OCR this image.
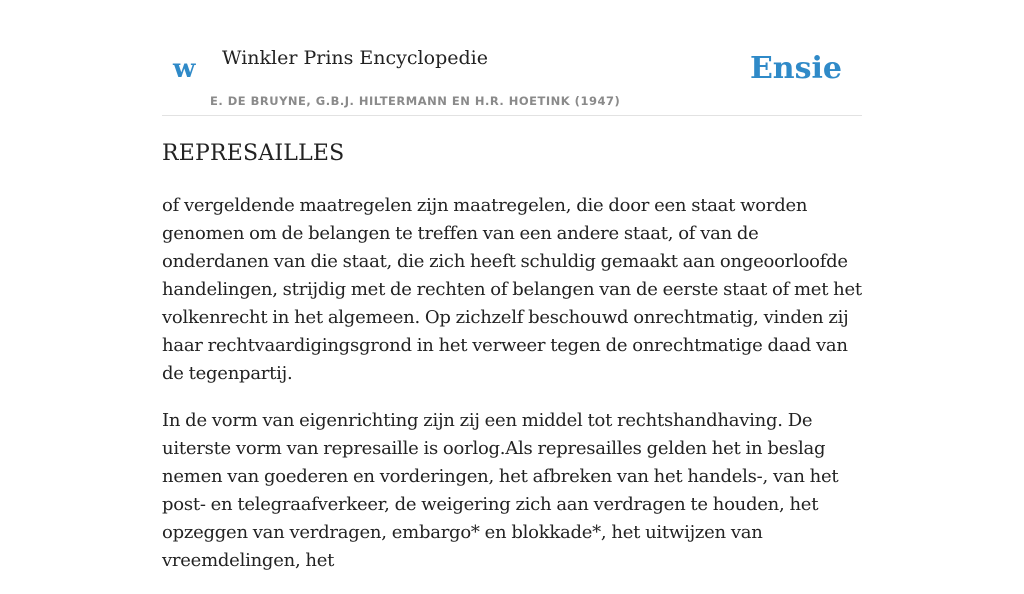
w Winkler Prins Encyclopedie
E. DE BRUYNE, G.B.J. HILTERMANN EN H.R. HOETINK (1947)
Ensie
REPRESAILLES

of vergeldende maatregelen zijn maatregelen, die door een staat worden genomen om de belangen te treffen van een andere staat, of van de onderdanen van die staat, die zich heeft schuldig gemaakt aan ongeoorloofde handelingen, strijdig met de rechten of belangen van de eerste staat of met het volkenrecht in het algemeen. Op zichzelf beschouwd onrechtmatig, vinden zij haar rechtvaardigingsgrond in het verweer tegen de onrechtmatige daad van de tegenpartij.

In de vorm van eigenrichting zijn zij een middel tot rechtshandhaving. De uiterste vorm van represaille is oorlog.Als represailles gelden het in beslag nemen van goederen en vorderingen, het afbreken van het handels-, van het post- en telegraafverkeer, de weigering zich aan verdragen te houden, het opzeggen van verdragen, embargo* en blokkade*, het uitwijzen van vreemdelingen, het
